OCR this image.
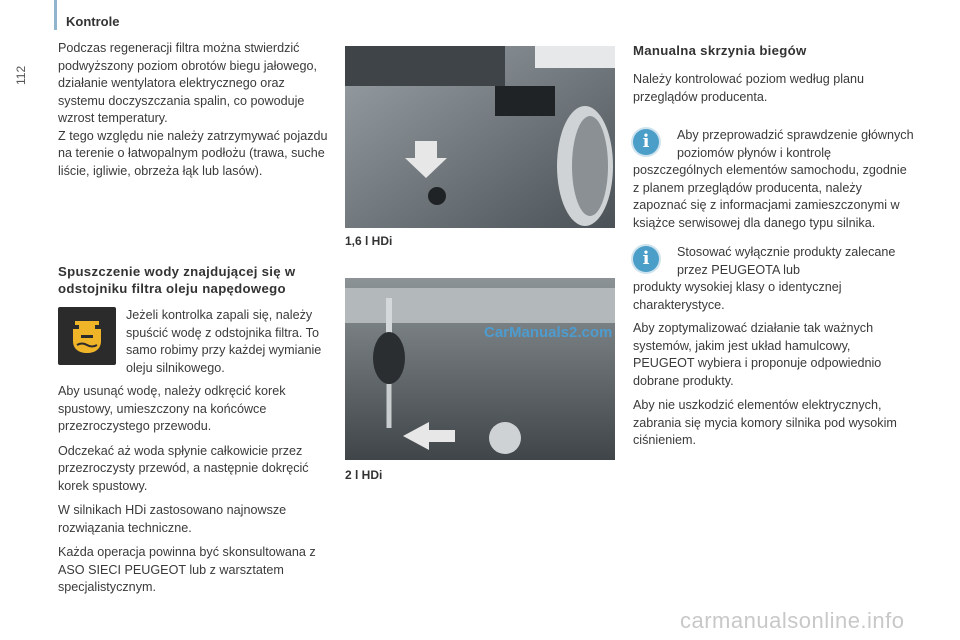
Kontrole
112

Podczas regeneracji filtra można stwierdzić podwyższony poziom obrotów biegu jałowego, działanie wentylatora elektrycznego oraz systemu doczyszczania spalin, co powoduje wzrost temperatury.
Z tego względu nie należy zatrzymywać pojazdu na terenie o łatwopalnym podłożu (trawa, suche liście, igliwie, obrzeża łąk lub lasów).

Spuszczenie wody znajdującej się w odstojniku filtra oleju napędowego
Jeżeli kontrolka zapali się, należy spuścić wodę z odstojnika filtra. To samo robimy przy każdej wymianie oleju silnikowego.

Aby usunąć wodę, należy odkręcić korek spustowy, umieszczony na końcówce przezroczystego przewodu.

Odczekać aż woda spłynie całkowicie przez przezroczysty przewód, a następnie dokręcić korek spustowy.

W silnikach HDi zastosowano najnowsze rozwiązania techniczne.

Każda operacja powinna być skonsultowana z ASO SIECI PEUGEOT lub z warsztatem specjalistycznym.

1,6 l HDi
CarManuals2.com
2 l HDi
Manualna skrzynia biegów

Należy kontrolować poziom według planu przeglądów producenta.

i	Aby przeprowadzić sprawdzenie głównych poziomów płynów i kontrolę
poszczególnych elementów samochodu, zgodnie z planem przeglądów producenta, należy zapoznać się z informacjami zamieszczonymi w książce serwisowej dla danego typu silnika.
i	Stosować wyłącznie produkty zalecane przez PEUGEOTA lub
produkty wysokiej klasy o identycznej charakterystyce.

Aby zoptymalizować działanie tak ważnych systemów, jakim jest układ hamulcowy, PEUGEOT wybiera i proponuje odpowiednio dobrane produkty.

Aby nie uszkodzić elementów elektrycznych, zabrania się mycia komory silnika pod wysokim ciśnieniem.

carmanualsonline.info
